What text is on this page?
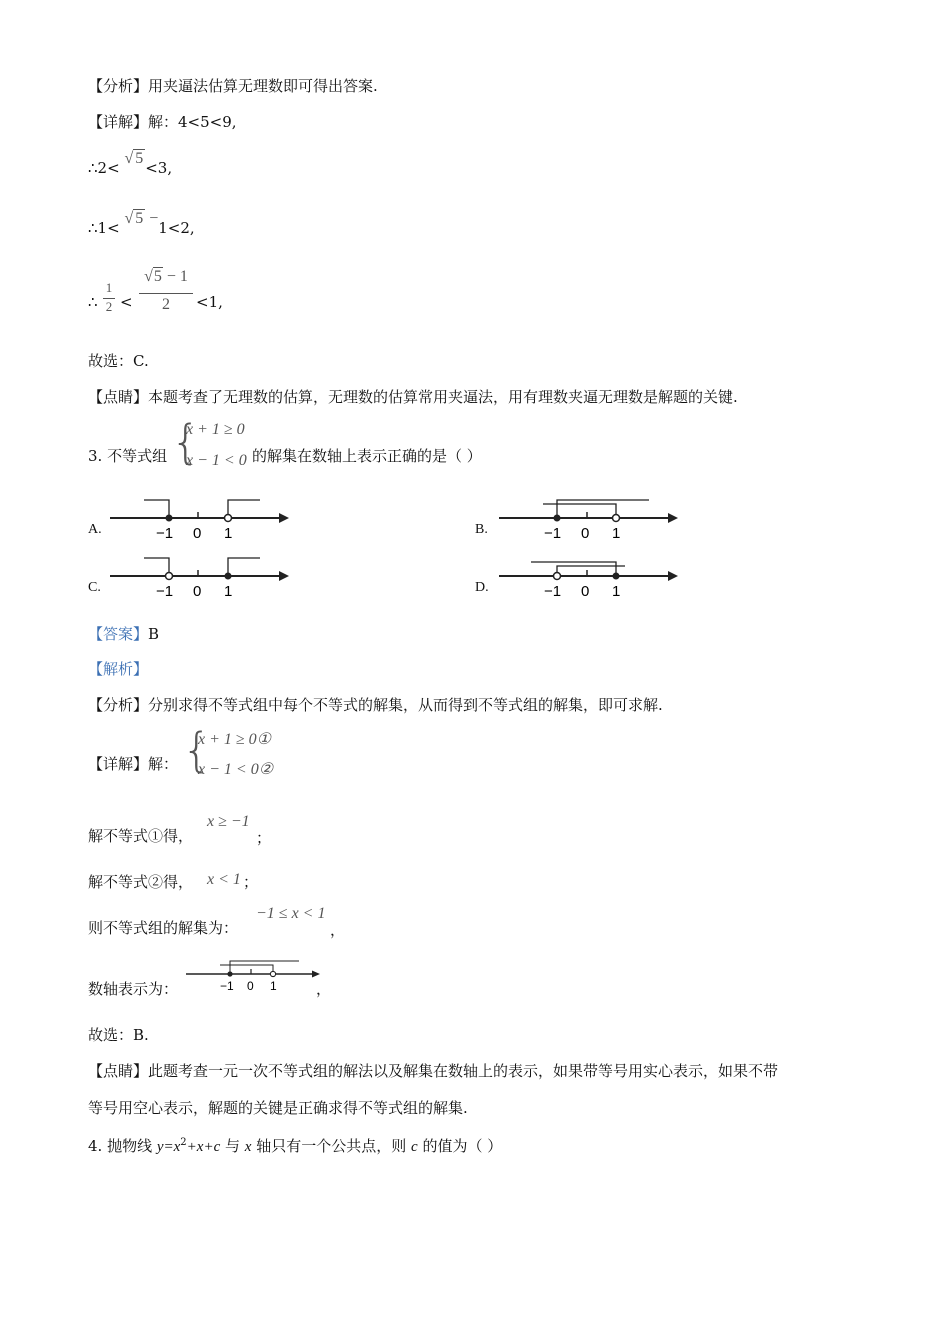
【分析】用夹逼法估算无理数即可得出答案.
【详解】解：4<5<9,
∴2< √ 5<3,
∴1< √ 5 −1<2,
∴
1
2 <
√5 − 1
2	<1,
故选：C.
【点睛】本题考查了无理数的估算，无理数的估算常用夹逼法，用有理数夹逼无理数是解题的关键.
3. 不等式组 {
x + 1 ≥ 0
x − 1 < 0 的解集在数轴上表示正确的是（ ）
A.	−1 0 1	B.	−1 0 1
C.	−1 0 1	D.	−1 0 1
【答案】B
【解析】
【分析】分别求得不等式组中每个不等式的解集，从而得到不等式组的解集，即可求解.
【详解】解： {
x + 1 ≥ 0①
x − 1 < 0②
解不等式①得，
x ≥ −1
；
解不等式②得， x < 1 ；
则不等式组的解集为：
−1 ≤ x < 1
，
数轴表示为：	−1 0 1	，
故选：B.
【点睛】此题考查一元一次不等式组的解法以及解集在数轴上的表示，如果带等号用实心表示，如果不带
等号用空心表示，解题的关键是正确求得不等式组的解集.
4. 抛物线 $y=x^2+x+c$ 与 x 轴只有一个公共点，则 c 的值为（ ）
